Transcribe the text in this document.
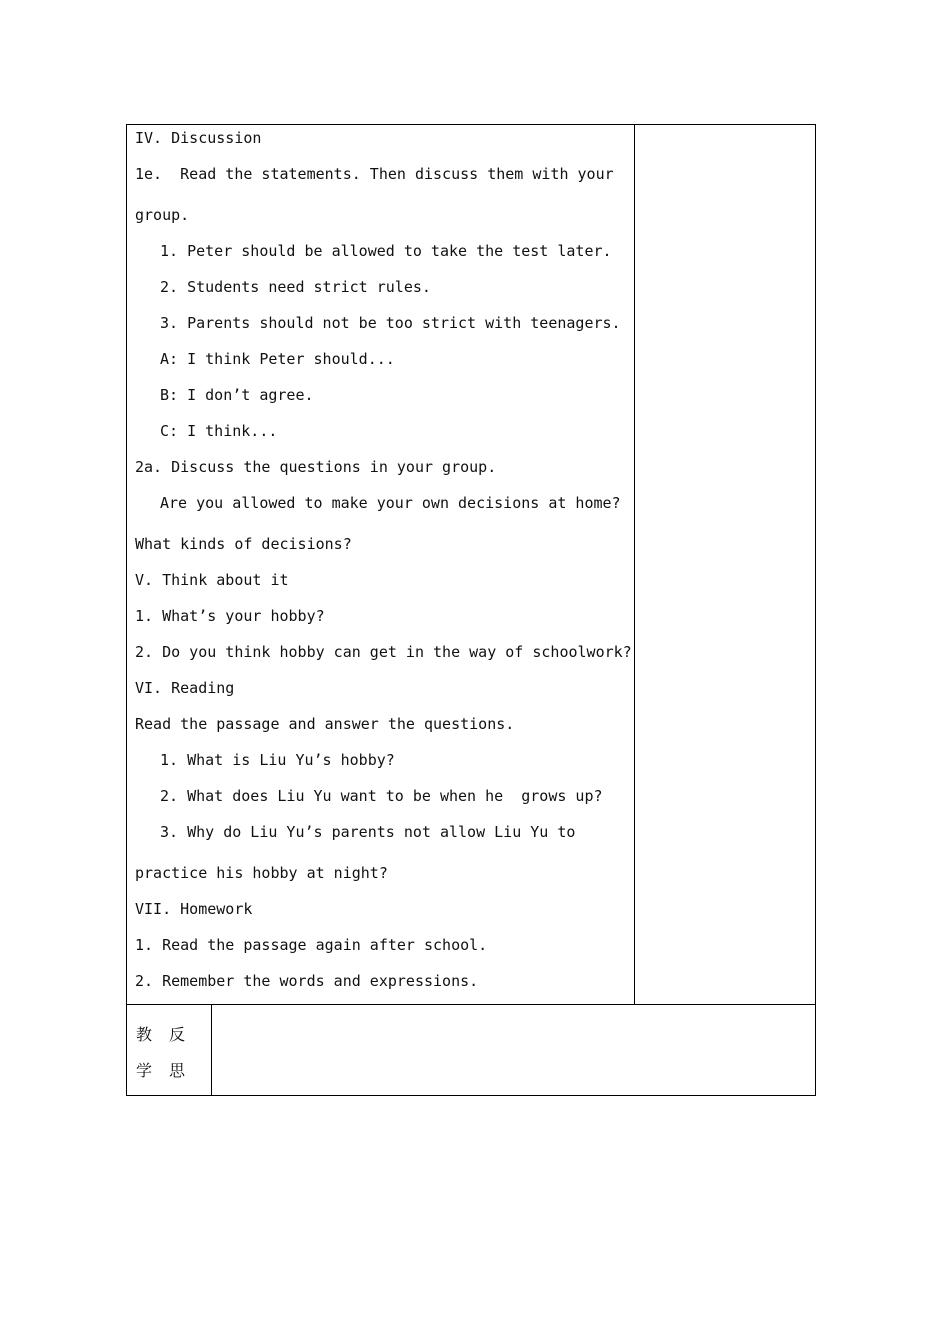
IV. Discussion
1e.  Read the statements. Then discuss them with your
group.
1. Peter should be allowed to take the test later.
2. Students need strict rules.
3. Parents should not be too strict with teenagers.
A: I think Peter should...
B: I don’t agree.
C: I think...
2a. Discuss the questions in your group.
Are you allowed to make your own decisions at home?
What kinds of decisions?
V. Think about it
1. What’s your hobby?
2. Do you think hobby can get in the way of schoolwork?
VI. Reading
Read the passage and answer the questions.
1. What is Liu Yu’s hobby?
2. What does Liu Yu want to be when he  grows up?
3. Why do Liu Yu’s parents not allow Liu Yu to
practice his hobby at night?
VII. Homework
1. Read the passage again after school.
2. Remember the words and expressions.
教 反
学 思
